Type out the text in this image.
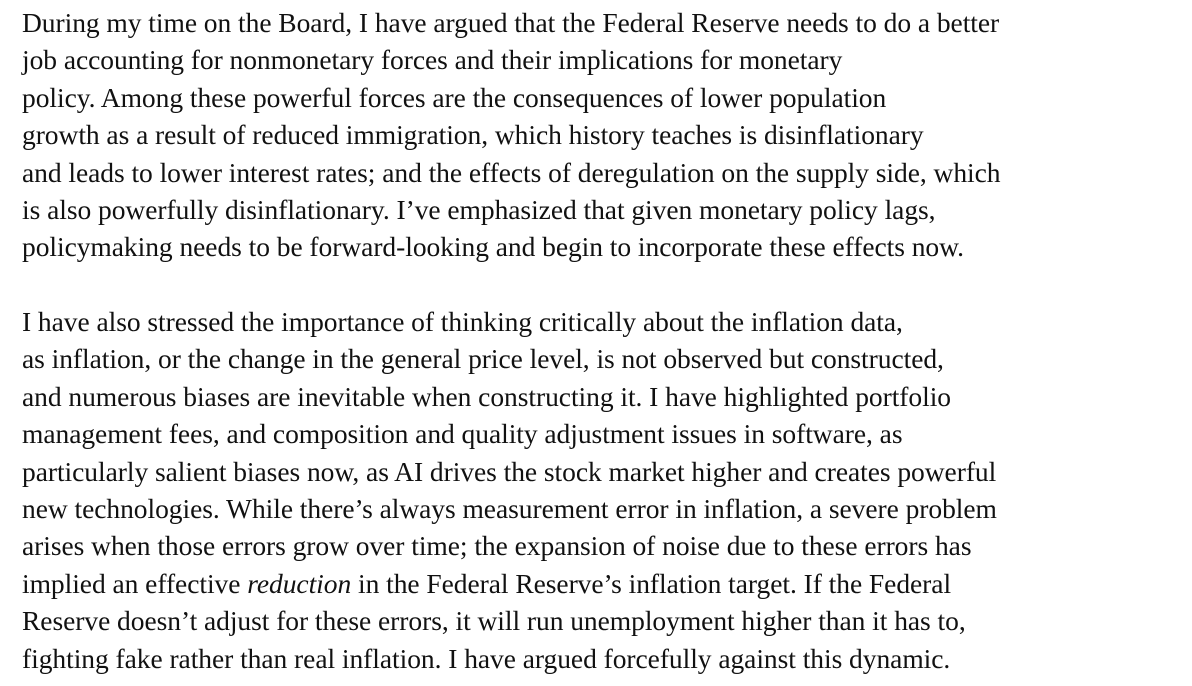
During my time on the Board, I have argued that the Federal Reserve needs to do a better
job accounting for nonmonetary forces and their implications for monetary
policy. Among these powerful forces are the consequences of lower population
growth as a result of reduced immigration, which history teaches is disinflationary
and leads to lower interest rates; and the effects of deregulation on the supply side, which
is also powerfully disinflationary. I’ve emphasized that given monetary policy lags,
policymaking needs to be forward-looking and begin to incorporate these effects now.
I have also stressed the importance of thinking critically about the inflation data,
as inflation, or the change in the general price level, is not observed but constructed,
and numerous biases are inevitable when constructing it. I have highlighted portfolio
management fees, and composition and quality adjustment issues in software, as
particularly salient biases now, as AI drives the stock market higher and creates powerful
new technologies. While there’s always measurement error in inflation, a severe problem
arises when those errors grow over time; the expansion of noise due to these errors has
implied an effective reduction in the Federal Reserve’s inflation target. If the Federal
Reserve doesn’t adjust for these errors, it will run unemployment higher than it has to,
fighting fake rather than real inflation. I have argued forcefully against this dynamic.
